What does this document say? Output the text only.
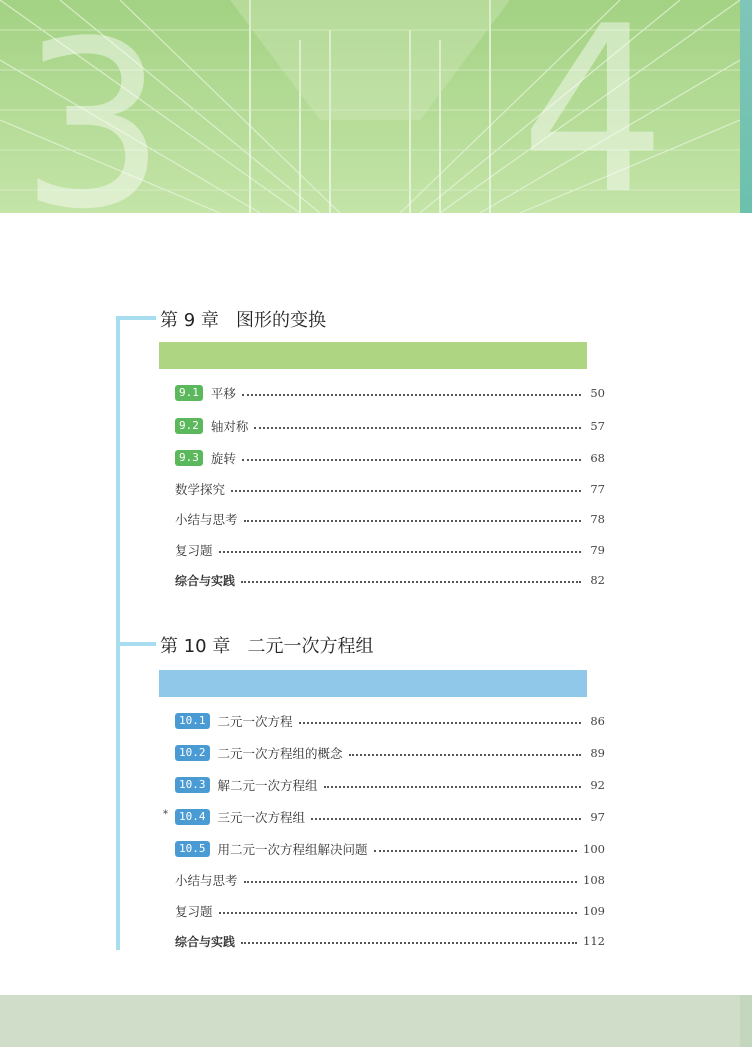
3 4
第 9 章   图形的变换
9.1 平移	50
9.2 轴对称	57
9.3 旋转	68
数学探究	77
小结与思考	78
复习题	79
综合与实践	82
第 10 章   二元一次方程组
10.1 二元一次方程	86
10.2 二元一次方程组的概念	89
10.3 解二元一次方程组	92
*	10.4 三元一次方程组	97
10.5 用二元一次方程组解决问题	100
小结与思考	108
复习题	109
综合与实践	112
